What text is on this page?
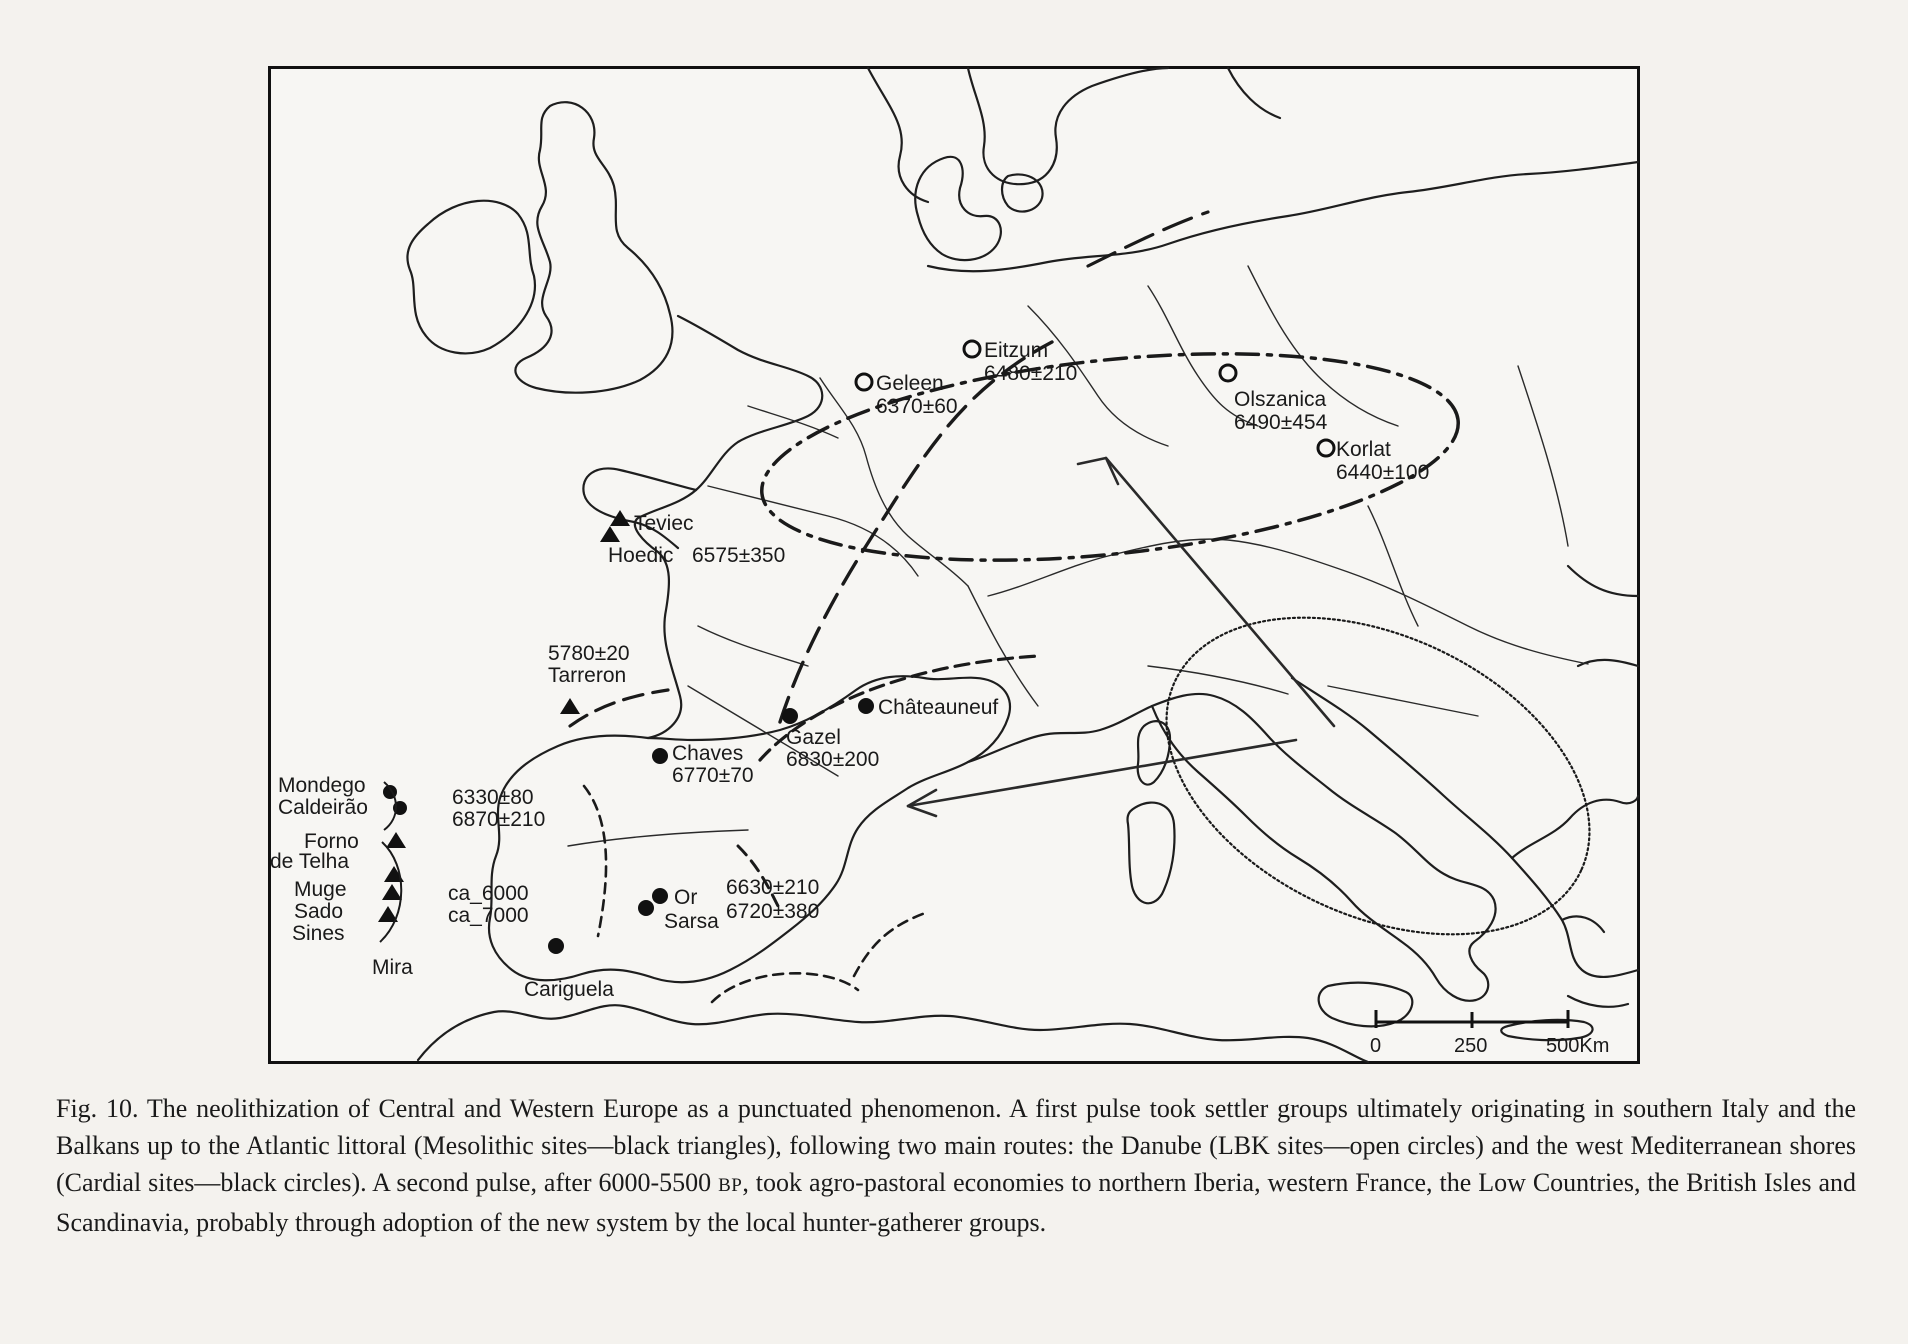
Eitzum
6480±210
Geleen
6370±60	Olszanica
6490±454
Korlat
6440±100
Teviec
Hoedic 6575±350
5780±20
Tarreron
Châteauneuf
Gazel
6830±200
Chaves
6770±70
Or 6630±210
Sarsa 6720±380
Cariguela
Mondego
Caldeirão
Forno
de Telha
Muge
Sado
Sines
Mira
6330±80
6870±210
ca_6000
ca_7000
0	250	500Km
Fig. 10. The neolithization of Central and Western Europe as a punctuated phenomenon. A first pulse took settler groups ultimately originating in southern Italy and the Balkans up to the Atlantic littoral (Mesolithic sites—black triangles), following two main routes: the Danube (LBK sites—open circles) and the west Mediterranean shores (Cardial sites—black circles). A second pulse, after 6000-5500 BP, took agro-pastoral economies to northern Iberia, western France, the Low Countries, the British Isles and Scandinavia, probably through adoption of the new system by the local hunter-gatherer groups.
